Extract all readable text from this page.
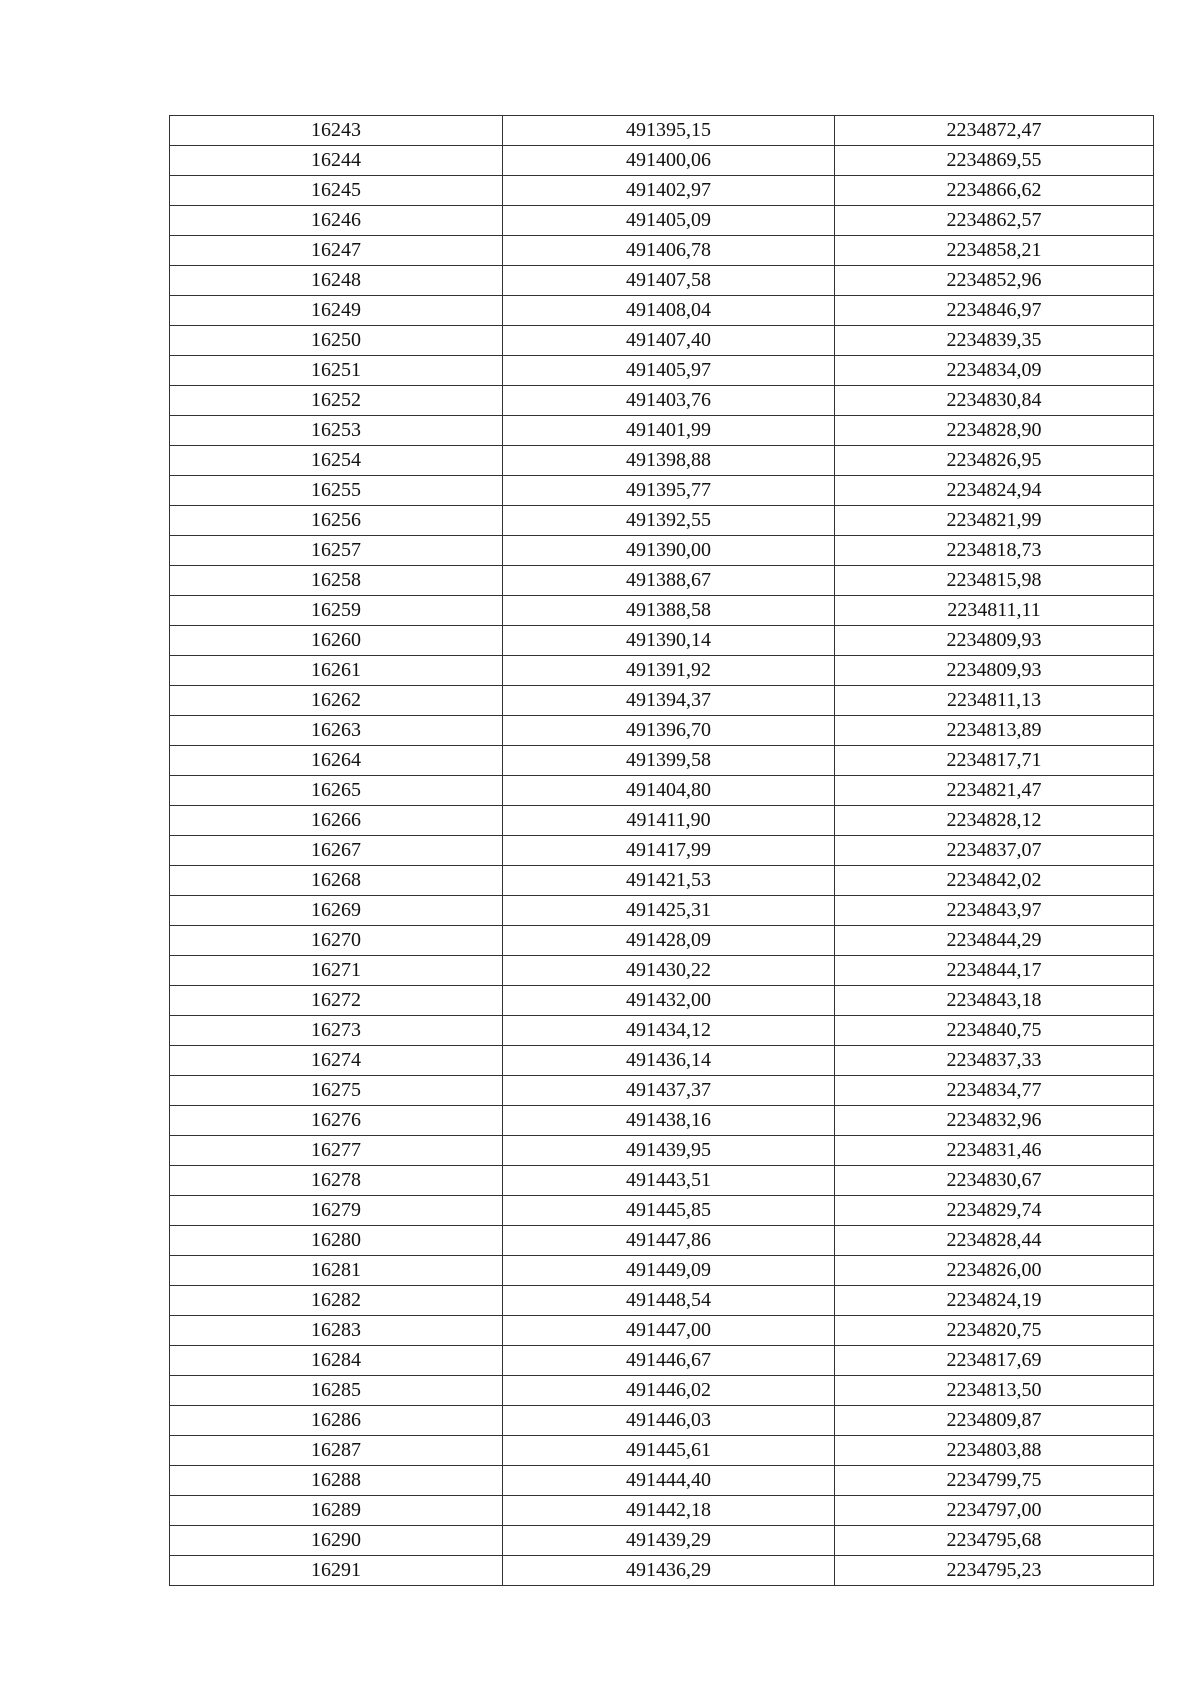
16243	491395,15	2234872,47
16244	491400,06	2234869,55
16245	491402,97	2234866,62
16246	491405,09	2234862,57
16247	491406,78	2234858,21
16248	491407,58	2234852,96
16249	491408,04	2234846,97
16250	491407,40	2234839,35
16251	491405,97	2234834,09
16252	491403,76	2234830,84
16253	491401,99	2234828,90
16254	491398,88	2234826,95
16255	491395,77	2234824,94
16256	491392,55	2234821,99
16257	491390,00	2234818,73
16258	491388,67	2234815,98
16259	491388,58	2234811,11
16260	491390,14	2234809,93
16261	491391,92	2234809,93
16262	491394,37	2234811,13
16263	491396,70	2234813,89
16264	491399,58	2234817,71
16265	491404,80	2234821,47
16266	491411,90	2234828,12
16267	491417,99	2234837,07
16268	491421,53	2234842,02
16269	491425,31	2234843,97
16270	491428,09	2234844,29
16271	491430,22	2234844,17
16272	491432,00	2234843,18
16273	491434,12	2234840,75
16274	491436,14	2234837,33
16275	491437,37	2234834,77
16276	491438,16	2234832,96
16277	491439,95	2234831,46
16278	491443,51	2234830,67
16279	491445,85	2234829,74
16280	491447,86	2234828,44
16281	491449,09	2234826,00
16282	491448,54	2234824,19
16283	491447,00	2234820,75
16284	491446,67	2234817,69
16285	491446,02	2234813,50
16286	491446,03	2234809,87
16287	491445,61	2234803,88
16288	491444,40	2234799,75
16289	491442,18	2234797,00
16290	491439,29	2234795,68
16291	491436,29	2234795,23
